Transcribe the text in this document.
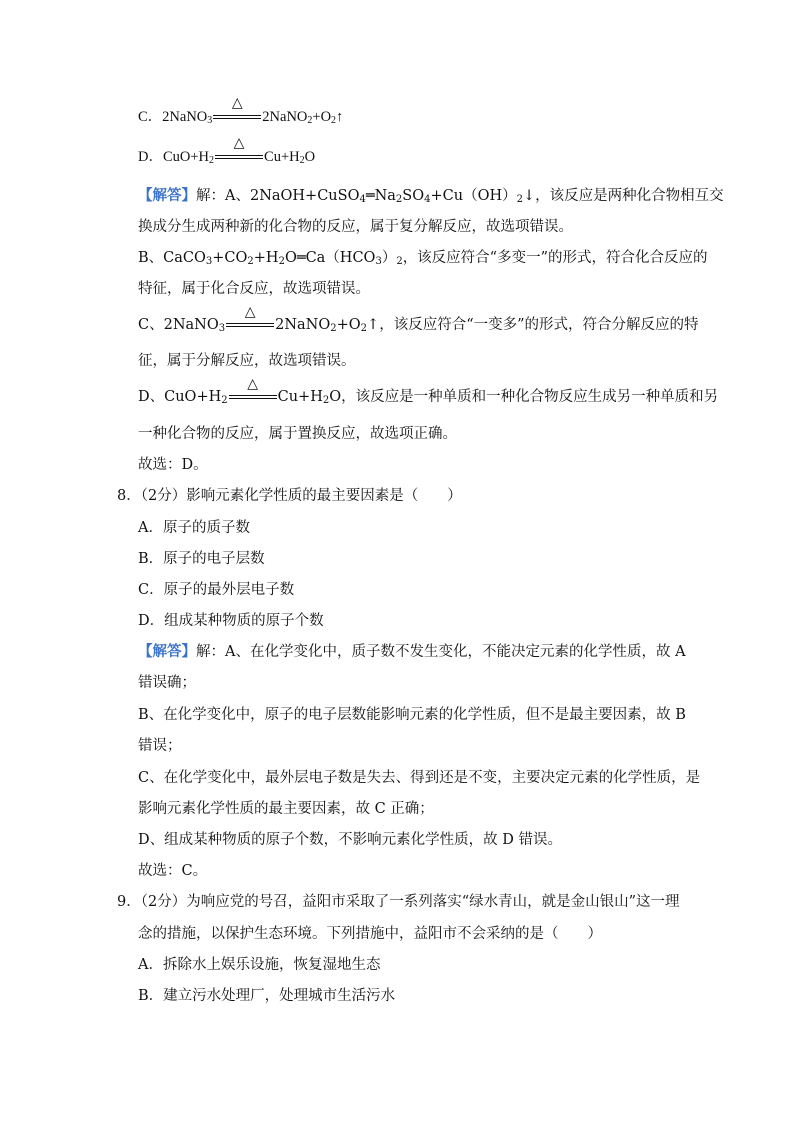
C．2NaNO$_3$
△
$2NaNO_2+O_2↑$
D．$CuO+H_2$
△
$Cu+H_2O$
【解答】解：A、$2NaOH+CuSO_4═Na_2SO_4+Cu(OH)_2↓$，该反应是两种化合物相互交
换成分生成两种新的化合物的反应，属于复分解反应，故选项错误。
B、$CaCO_3+CO_2+H_2O═Ca(HCO_3)_2$，该反应符合“多变一”的形式，符合化合反应的
特征，属于化合反应，故选项错误。
C、2NaNO$_3$
△
$2NaNO_2+O_2↑$，该反应符合“一变多”的形式，符合分解反应的特
征，属于分解反应，故选项错误。
D、$CuO+H_2$
△
$Cu+H_2O$，该反应是一种单质和一种化合物反应生成另一种单质和另
一种化合物的反应，属于置换反应，故选项正确。
故选：D。
8．（2分）影响元素化学性质的最主要因素是（　　）
A．原子的质子数
B．原子的电子层数
C．原子的最外层电子数
D．组成某种物质的原子个数
【解答】解：A、在化学变化中，质子数不发生变化，不能决定元素的化学性质，故 A
错误确；
B、在化学变化中，原子的电子层数能影响元素的化学性质，但不是最主要因素，故 B
错误；
C、在化学变化中，最外层电子数是失去、得到还是不变，主要决定元素的化学性质，是
影响元素化学性质的最主要因素，故 C 正确；
D、组成某种物质的原子个数，不影响元素化学性质，故 D 错误。
故选：C。
9．（2分）为响应党的号召，益阳市采取了一系列落实“绿水青山，就是金山银山”这一理
念的措施，以保护生态环境。下列措施中，益阳市不会采纳的是（　　）
A．拆除水上娱乐设施，恢复湿地生态
B．建立污水处理厂，处理城市生活污水
